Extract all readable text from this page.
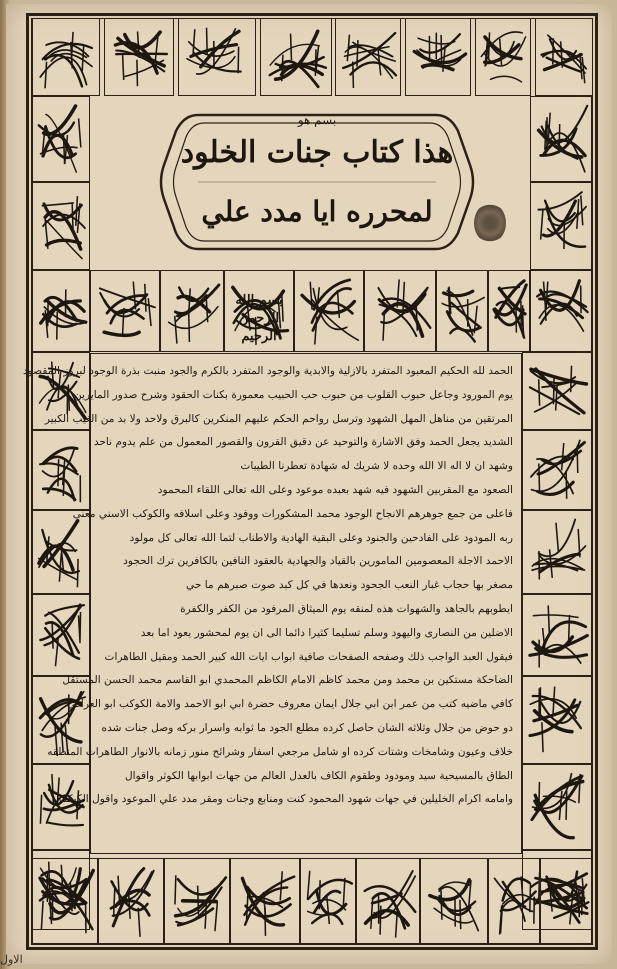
بسم هو
هذا كتاب جنات الخلود
لمحرره ايا مدد علي
الحمد لله الحكيم المعبود المتفرد بالازلية والابدية والوجود المتفرد بالكرم والجود منبت بذرة الوجود لبروز المقصود
يوم المورود وجاعل حبوب القلوب من حبوب حب الحبيب معمورة بكنات الحقود وشرح صدور المايرين
المرتقين من مناهل المهل الشهود وترسل رواحم الحكم عليهم المنكرين كالبرق ولاحد ولا بد من الغيب الكبير
الشديد يجعل الحمد وفق الاشارة والتوحيد عن دقيق القرون والقصور المعمول من علم يدوم ناحد
وشهد ان لا اله الا الله وحده لا شريك له شهادة تعطرنا الطيبات
الصعود مع المقربين الشهود فيه شهد بعبده موعود وعلى الله تعالى اللقاء المحمود
فاعلى من جمع جوهرهم الانجاح الوجود محمد المشكورات ووفود وعلى اسلافه والكوكب الاسني معنى
ربه المودود على الفادحين والجنود وعلى البقية الهادية والاطناب لتما الله تعالى كل مولود
الاحمد الاجلة المعصومين المامورين بالقياد والجهادية بالعقود النافين بالكافرين ترك الحجود
مصغر بها حجاب غبار النعب الجحود ونعدها في كل كبد صوت صبرهم ما حي
ايطوبهم بالجاهد والشهوات هذه لمنقه يوم الميثاق المرفود من الكفر والكفرة
الاضلين من النصارى واليهود وسلم تسليما كثيرا دائما الى ان يوم لمحشور يعود اما بعد
فيقول العبد الواجب ذلك وصفحه الصفحات صافية ابواب ايات الله كبير الحمد ومقيل الطاهرات
الضاحكة مستكين بن محمد ومن محمد كاظم الامام الكاظم المحمدي ابو القاسم محمد الحسن المستقل
كافي ماضيه كتب من عمر ابن ابي جلال ايمان معروف حضرة ابي ابو الاحمد والامة الكوكب ابو العراقي
دو حوض من جلال وثلاثه الشان حاصل كرده مطلع الجود ما ثوابه واسرار بركه وصل جنات شده
خلاف وعيون وشامخات وشتات كرده او شامل مرجعي اسفار وشرائح منور زمانه بالانوار الطاهرات المنطقه
الطاق بالمسيحية سيد ومودود وطقوم الكاف بالعدل العالم من جهات ابوابها الكوثر واقوال
وامامه اكرام الخليلين في جهات شهود المحمود كنت ومنابع وجنات ومقر مدد علي الموعود واقول الكيكس
بسم الله الرحمن الرحيم
الاول
